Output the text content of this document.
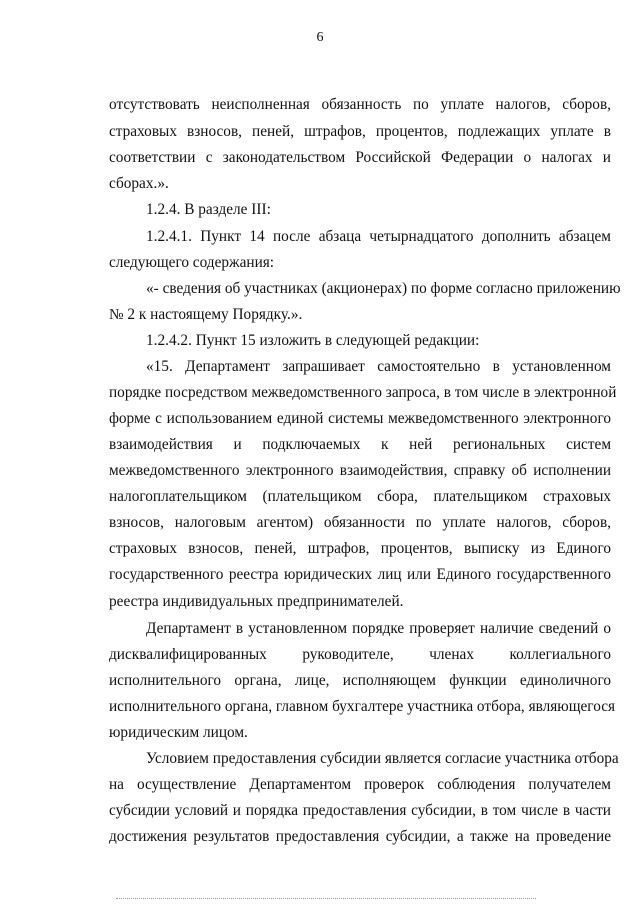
6
отсутствовать неисполненная обязанность по уплате налогов, сборов,
страховых взносов, пеней, штрафов, процентов, подлежащих уплате в
соответствии с законодательством Российской Федерации о налогах и
сборах.».
1.2.4. В разделе III:
1.2.4.1. Пункт 14 после абзаца четырнадцатого дополнить абзацем
следующего содержания:
«- сведения об участниках (акционерах) по форме согласно приложению
№ 2 к настоящему Порядку.».
1.2.4.2. Пункт 15 изложить в следующей редакции:
«15. Департамент запрашивает самостоятельно в установленном
порядке посредством межведомственного запроса, в том числе в электронной
форме с использованием единой системы межведомственного электронного
взаимодействия и подключаемых к ней региональных систем
межведомственного электронного взаимодействия, справку об исполнении
налогоплательщиком (плательщиком сбора, плательщиком страховых
взносов, налоговым агентом) обязанности по уплате налогов, сборов,
страховых взносов, пеней, штрафов, процентов, выписку из Единого
государственного реестра юридических лиц или Единого государственного
реестра индивидуальных предпринимателей.
Департамент в установленном порядке проверяет наличие сведений о
дисквалифицированных руководителе, членах коллегиального
исполнительного органа, лице, исполняющем функции единоличного
исполнительного органа, главном бухгалтере участника отбора, являющегося
юридическим лицом.
Условием предоставления субсидии является согласие участника отбора
на осуществление Департаментом проверок соблюдения получателем
субсидии условий и порядка предоставления субсидии, в том числе в части
достижения результатов предоставления субсидии, а также на проведение
